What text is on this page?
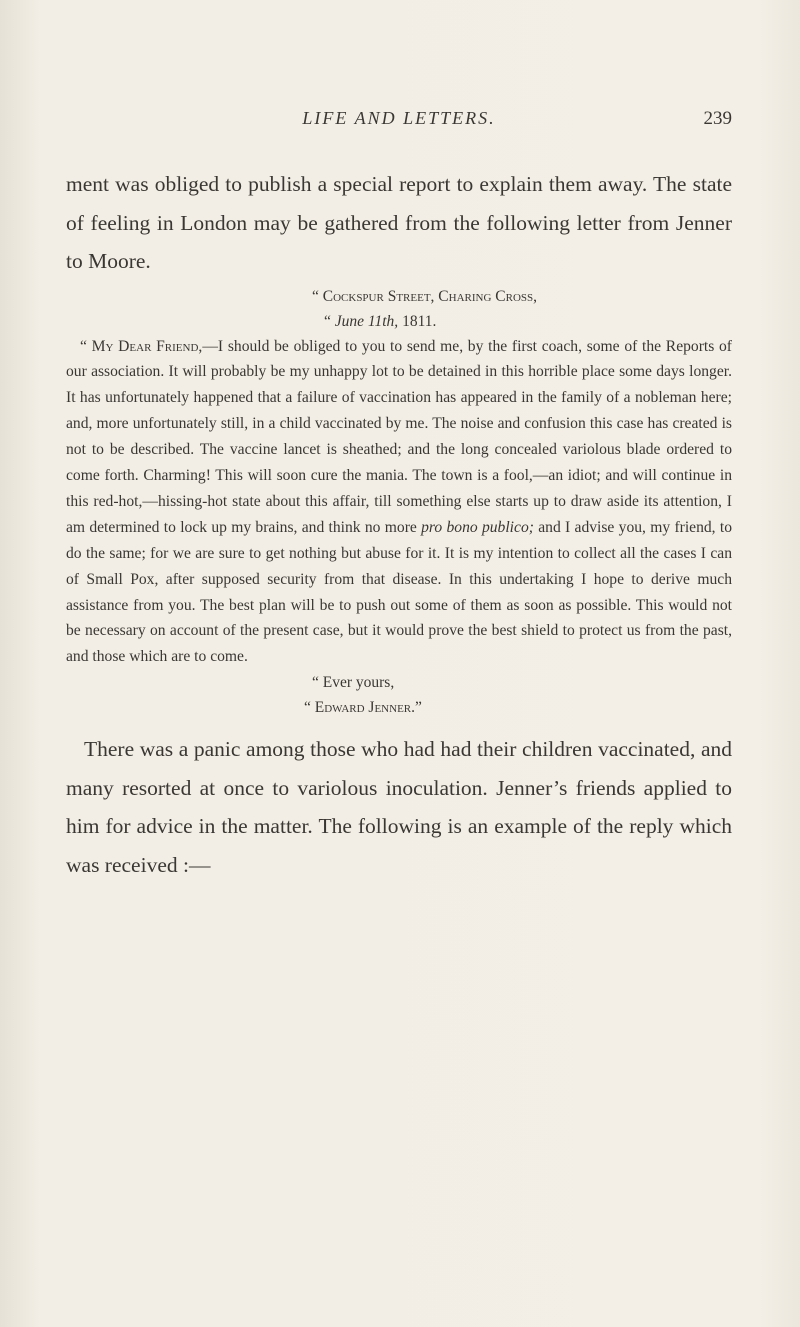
LIFE AND LETTERS.	239

ment was obliged to publish a special report to explain them away. The state of feeling in London may be gathered from the following letter from Jenner to Moore.

“ Cockspur Street, Charing Cross,
“ June 11th, 1811.

“ My Dear Friend,—I should be obliged to you to send me, by the first coach, some of the Reports of our association. It will probably be my unhappy lot to be detained in this horrible place some days longer. It has unfortunately happened that a failure of vaccination has appeared in the family of a nobleman here; and, more unfortunately still, in a child vaccinated by me. The noise and confusion this case has created is not to be described. The vaccine lancet is sheathed; and the long concealed variolous blade ordered to come forth. Charming! This will soon cure the mania. The town is a fool,—an idiot; and will continue in this red-hot,—hissing-hot state about this affair, till something else starts up to draw aside its attention, I am determined to lock up my brains, and think no more pro bono publico; and I advise you, my friend, to do the same; for we are sure to get nothing but abuse for it. It is my intention to collect all the cases I can of Small Pox, after supposed security from that disease. In this undertaking I hope to derive much assistance from you. The best plan will be to push out some of them as soon as possible. This would not be necessary on account of the present case, but it would prove the best shield to protect us from the past, and those which are to come.

“ Ever yours,
“ Edward Jenner.”

There was a panic among those who had had their children vaccinated, and many resorted at once to variolous inoculation. Jenner’s friends applied to him for advice in the matter. The following is an example of the reply which was received :—
